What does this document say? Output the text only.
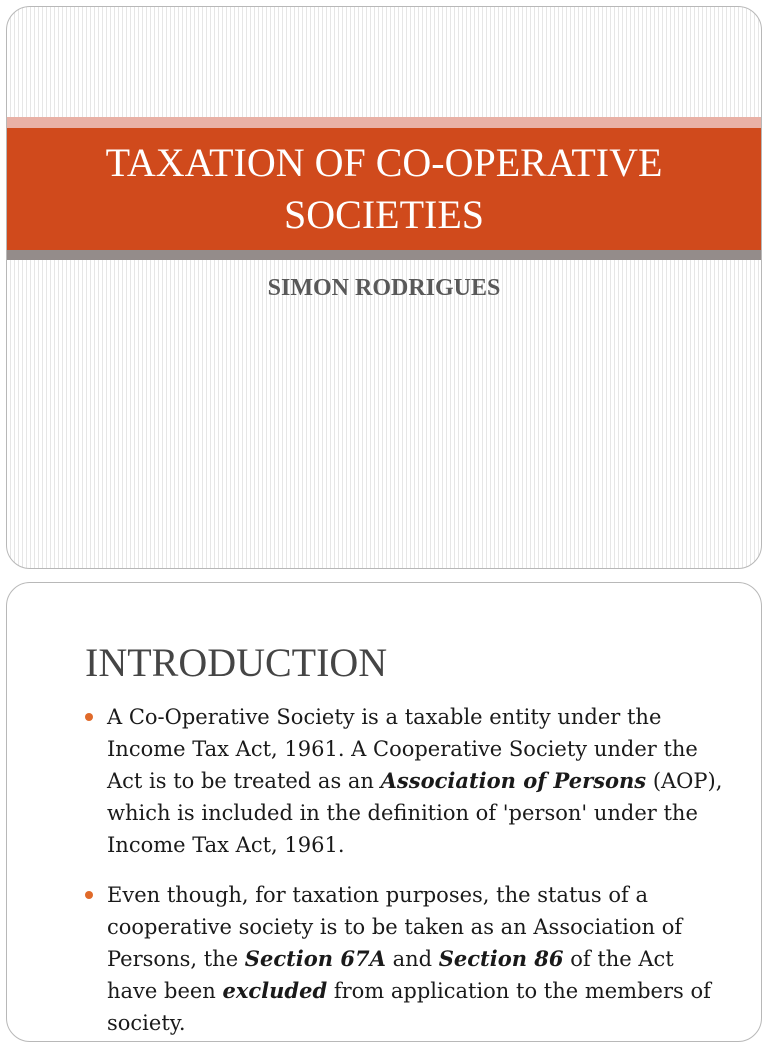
TAXATION OF CO-OPERATIVE SOCIETIES

SIMON RODRIGUES

INTRODUCTION
A Co-Operative Society is a taxable entity under the Income Tax Act, 1961. A Cooperative Society under the Act is to be treated as an Association of Persons (AOP), which is included in the definition of 'person' under the Income Tax Act, 1961.
Even though, for taxation purposes, the status of a cooperative society is to be taken as an Association of Persons, the Section 67A and Section 86 of the Act have been excluded from application to the members of society.
